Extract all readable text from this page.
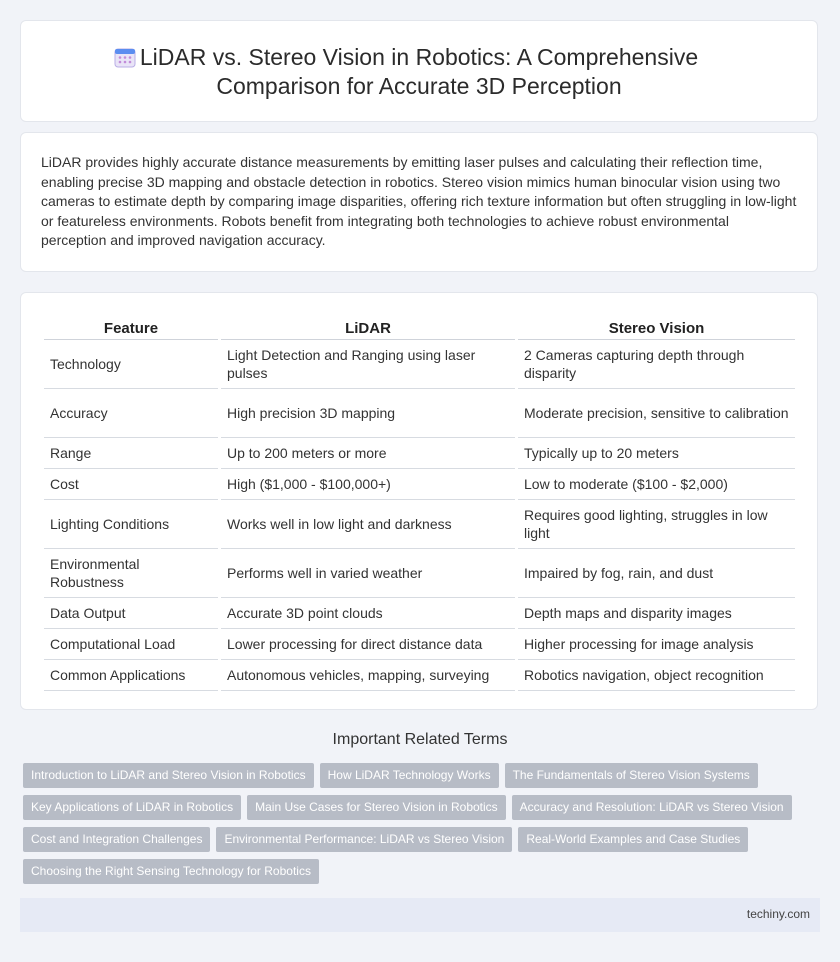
LiDAR vs. Stereo Vision in Robotics: A Comprehensive
Comparison for Accurate 3D Perception

LiDAR provides highly accurate distance measurements by emitting laser pulses and calculating their reflection time, enabling precise 3D mapping and obstacle detection in robotics. Stereo vision mimics human binocular vision using two cameras to estimate depth by comparing image disparities, offering rich texture information but often struggling in low-light or featureless environments. Robots benefit from integrating both technologies to achieve robust environmental perception and improved navigation accuracy.

Feature	LiDAR	Stereo Vision
Technology	Light Detection and Ranging using laser pulses	2 Cameras capturing depth through disparity
Accuracy	High precision 3D mapping	Moderate precision, sensitive to calibration
Range	Up to 200 meters or more	Typically up to 20 meters
Cost	High ($1,000 - $100,000+)	Low to moderate ($100 - $2,000)
Lighting Conditions	Works well in low light and darkness	Requires good lighting, struggles in low light
Environmental Robustness	Performs well in varied weather	Impaired by fog, rain, and dust
Data Output	Accurate 3D point clouds	Depth maps and disparity images
Computational Load	Lower processing for direct distance data	Higher processing for image analysis
Common Applications	Autonomous vehicles, mapping, surveying	Robotics navigation, object recognition
Important Related Terms
Introduction to LiDAR and Stereo Vision in Robotics How LiDAR Technology Works The Fundamentals of Stereo Vision Systems
Key Applications of LiDAR in Robotics Main Use Cases for Stereo Vision in Robotics Accuracy and Resolution: LiDAR vs Stereo Vision
Cost and Integration Challenges Environmental Performance: LiDAR vs Stereo Vision Real-World Examples and Case Studies
Choosing the Right Sensing Technology for Robotics
techiny.com
